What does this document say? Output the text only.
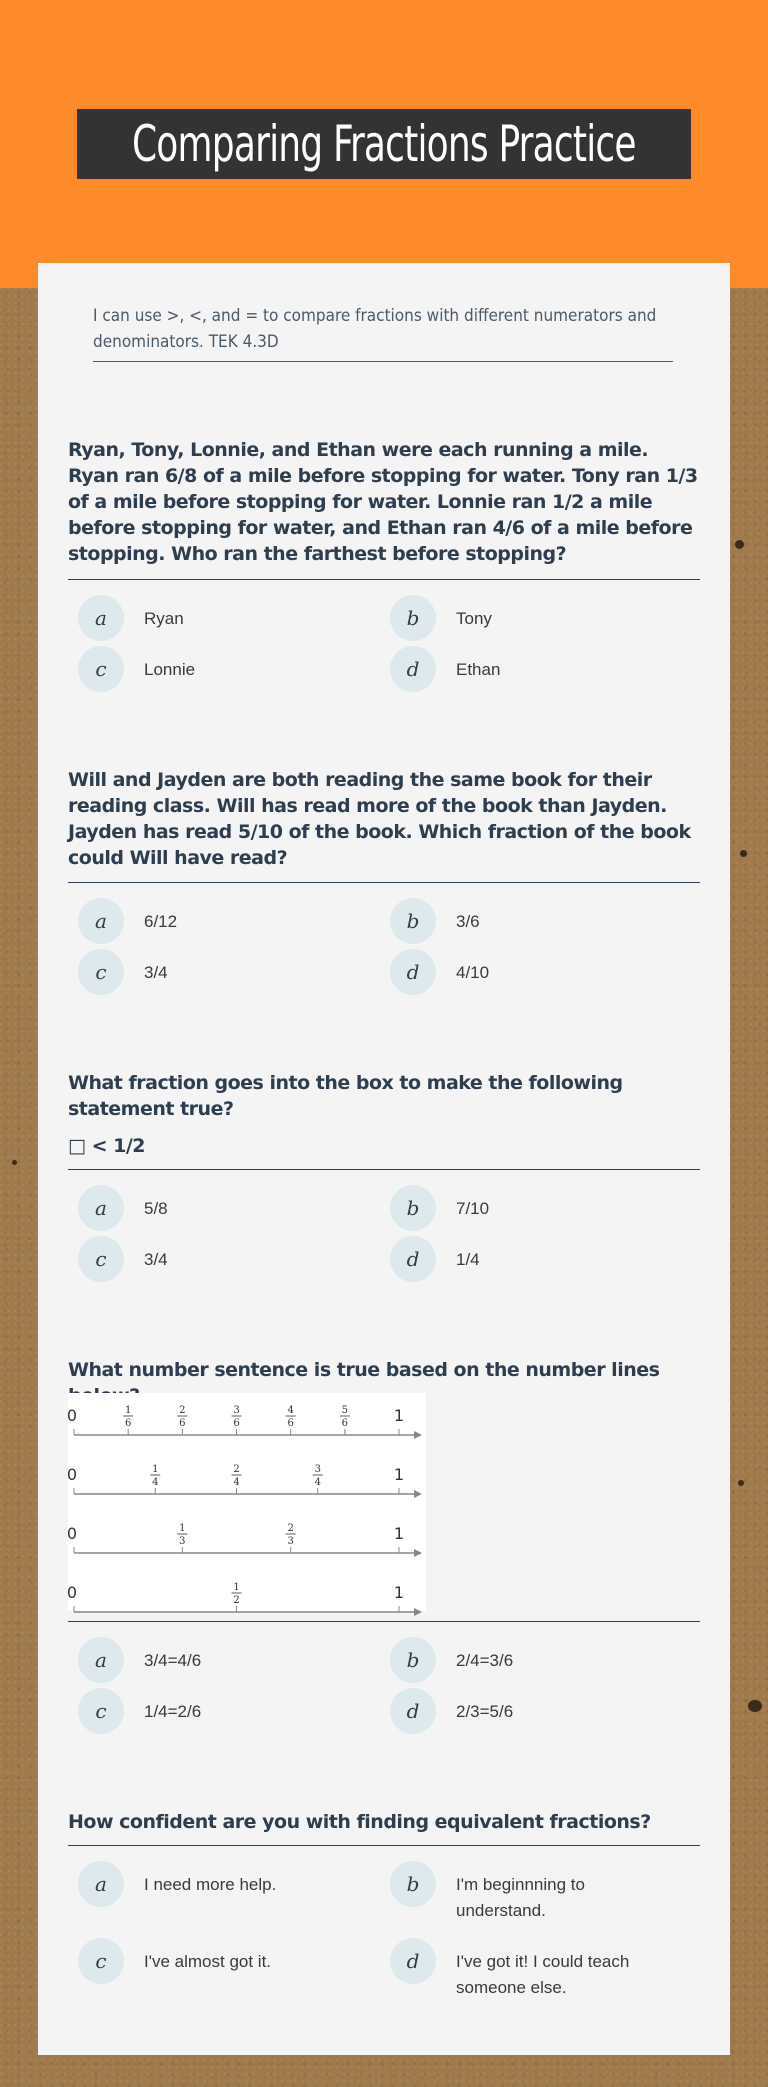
Comparing Fractions Practice
I can use >, <, and = to compare fractions with different numerators and denominators. TEK 4.3D
Ryan, Tony, Lonnie, and Ethan were each running a mile. Ryan ran 6/8 of a mile before stopping for water. Tony ran 1/3 of a mile before stopping for water. Lonnie ran 1/2 a mile before stopping for water, and Ethan ran 4/6 of a mile before stopping. Who ran the farthest before stopping?
a	Ryan	b	Tony
c	Lonnie	d	Ethan
Will and Jayden are both reading the same book for their reading class. Will has read more of the book than Jayden. Jayden has read 5/10 of the book. Which fraction of the book could Will have read?
a	6/12	b	3/6
c	3/4	d	4/10
What fraction goes into the box to make the following statement true?
□ < 1/2
a	5/8	b	7/10
c	3/4	d	1/4
What number sentence is true based on the number lines
0	1
1
6
2
6
3
6
4
6
5
6
0	1
1
4
2
4
3
4
0	1
1
3
2
3
0	1
1
2
a	3/4=4/6	b	2/4=3/6
c	1/4=2/6	d	2/3=5/6
How confident are you with finding equivalent fractions?
a	I need more help.	b	I'm beginnning to understand.
c	I've almost got it.	d	I've got it! I could teach someone else.
